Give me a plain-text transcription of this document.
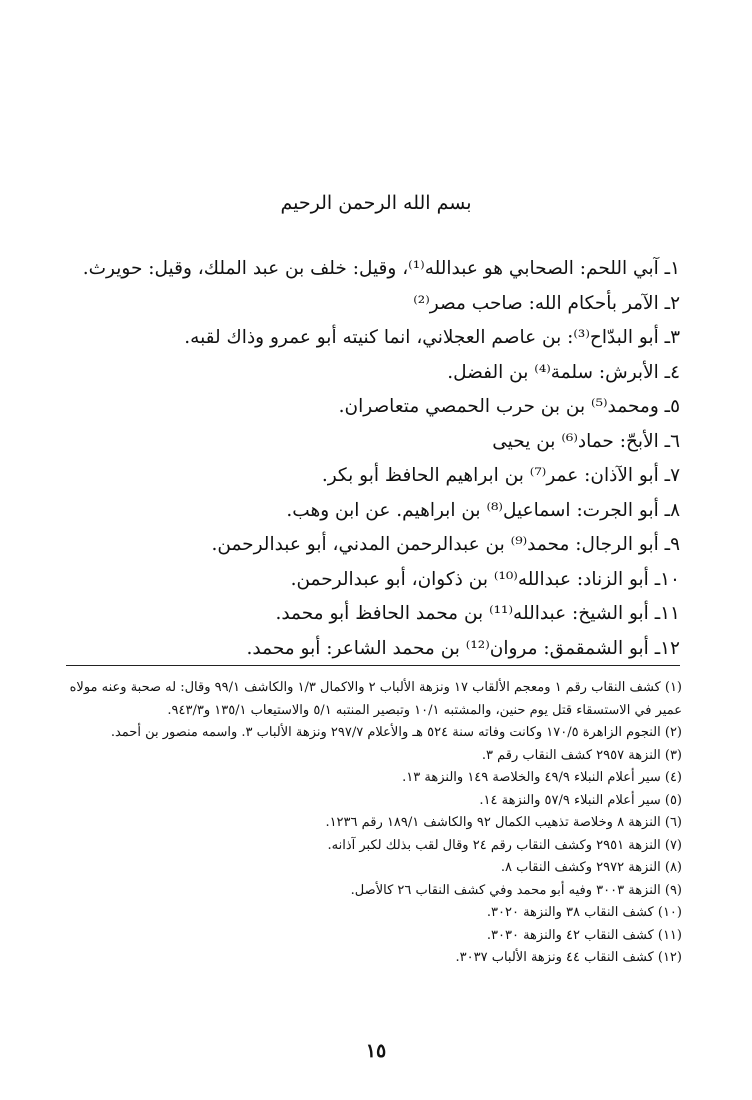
بسم الله الرحمن الرحيم
١ـ آبي اللحم: الصحابي هو عبدالله⁽¹⁾، وقيل: خلف بن عبد الملك، وقيل: حويرث.
٢ـ الآمر بأحكام الله: صاحب مصر⁽²⁾
٣ـ أبو البدّاح⁽³⁾: بن عاصم العجلاني، انما كنيته أبو عمرو وذاك لقبه.
٤ـ الأبرش: سلمة⁽⁴⁾ بن الفضل.
٥ـ ومحمد⁽⁵⁾ بن بن حرب الحمصي متعاصران.
٦ـ الأبحّ: حماد⁽⁶⁾ بن يحيى
٧ـ أبو الآذان: عمر⁽⁷⁾ بن ابراهيم الحافظ أبو بكر.
٨ـ أبو الجرت: اسماعيل⁽⁸⁾ بن ابراهيم. عن ابن وهب.
٩ـ أبو الرجال: محمد⁽⁹⁾ بن عبدالرحمن المدني، أبو عبدالرحمن.
١٠ـ أبو الزناد: عبدالله⁽¹⁰⁾ بن ذكوان، أبو عبدالرحمن.
١١ـ أبو الشيخ: عبدالله⁽¹¹⁾ بن محمد الحافظ أبو محمد.
١٢ـ أبو الشمقمق: مروان⁽¹²⁾ بن محمد الشاعر: أبو محمد.
(١) كشف النقاب رقم ١ ومعجم الألقاب ١٧ ونزهة الألباب ٢ والاكمال ١/٣ والكاشف ٩٩/١ وقال: له صحبة وعنه مولاه عمير في الاستسقاء قتل يوم حنين، والمشتبه ١٠/١ وتبصير المنتبه ٥/١ والاستيعاب ١٣٥/١ و٩٤٣/٣.
(٢) النجوم الزاهرة ١٧٠/٥ وكانت وفاته سنة ٥٢٤ هـ والأعلام ٢٩٧/٧ ونزهة الألباب ٣. واسمه منصور بن أحمد.
(٣) النزهة ٢٩٥٧ كشف النقاب رقم ٣.
(٤) سير أعلام النبلاء ٤٩/٩ والخلاصة ١٤٩ والنزهة ١٣.
(٥) سير أعلام النبلاء ٥٧/٩ والنزهة ١٤.
(٦) النزهة ٨ وخلاصة تذهيب الكمال ٩٢ والكاشف ١٨٩/١ رقم ١٢٣٦.
(٧) النزهة ٢٩٥١ وكشف النقاب رقم ٢٤ وقال لقب بذلك لكبر آذانه.
(٨) النزهة ٢٩٧٢ وكشف النقاب ٨.
(٩) النزهة ٣٠٠٣ وفيه أبو محمد وفي كشف النقاب ٢٦ كالأصل.
(١٠) كشف النقاب ٣٨ والنزهة ٣٠٢٠.
(١١) كشف النقاب ٤٢ والنزهة ٣٠٣٠.
(١٢) كشف النقاب ٤٤ ونزهة الألباب ٣٠٣٧.
١٥
